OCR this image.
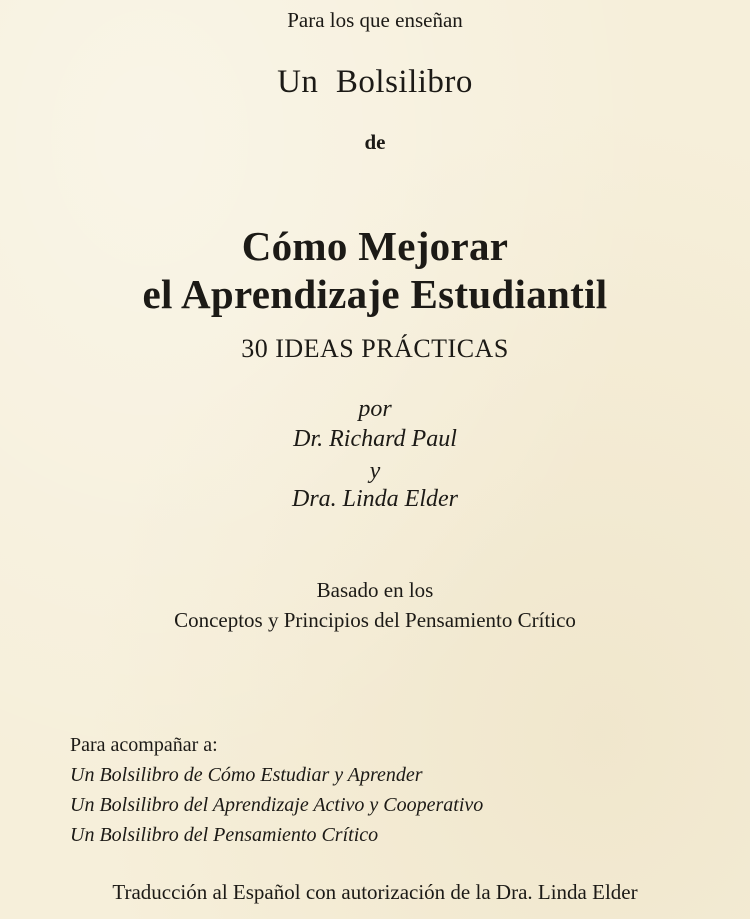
Para los que enseñan
Un  Bolsilibro
de
Cómo Mejorar
el Aprendizaje Estudiantil
30 IDEAS PRÁCTICAS
por
Dr. Richard Paul
y
Dra. Linda Elder
Basado en los
Conceptos y Principios del Pensamiento Crítico
Para acompañar a:
Un Bolsilibro de Cómo Estudiar y Aprender
Un Bolsilibro del Aprendizaje Activo y Cooperativo
Un Bolsilibro del Pensamiento Crítico
Traducción al Español con autorización de la Dra. Linda Elder
